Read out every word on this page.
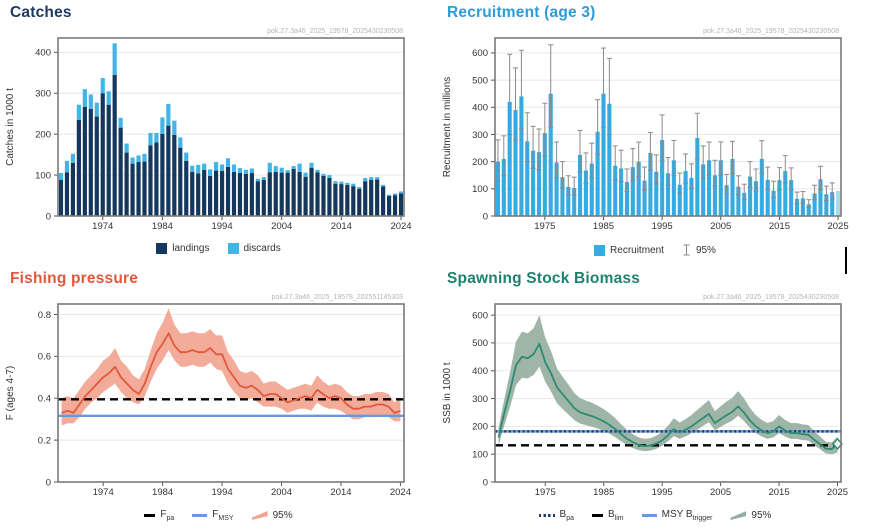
Catches
pok.27.3a46_2025_19578_2025430230508
1974	1984	1994	2004	2014	2024
0
100
200
300
400
Catches in 1000 t
landings	discards
Recruitment (age 3)
pok.27.3a46_2025_19578_2025430230508
1975	1985	1995	2005	2015	2025
0
100
200
300
400
500
600
Recruitment in millions
Recruitment	95%
Fishing pressure
pok.27.3a46_2025_19578_202551145303
1974	1984	1994	2004	2014	2024
0
0.2
0.4
0.6
0.8
F (ages 4-7)
$F_{pa}$	$F_{MSY}$	95%
Spawning Stock Biomass
pok.27.3a46_2025_19578_2025430230508
1975	1985	1995	2005	2015	2025
0
100
200
300
400
500
600
SSB in 1000 t
$B_{pa}$	$B_{lim}$	MSY $B_{trigger}$	95%
